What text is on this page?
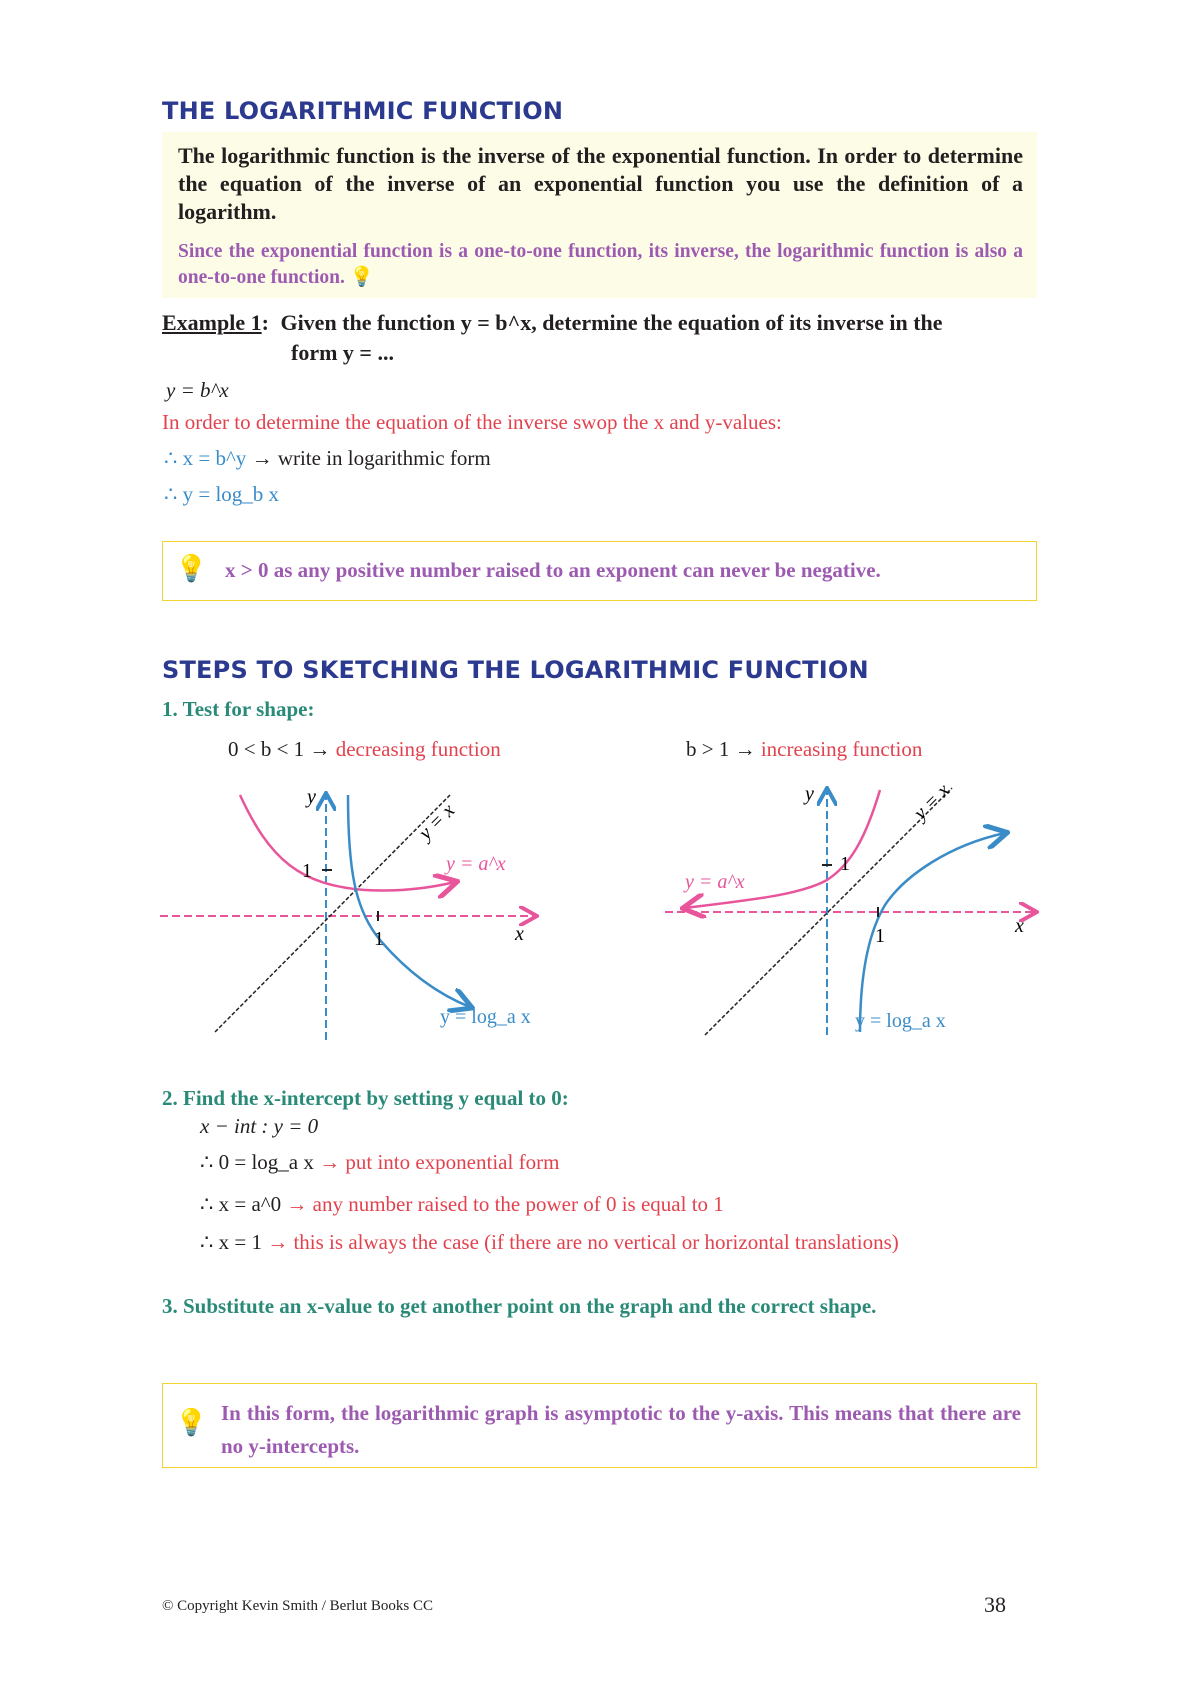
THE LOGARITHMIC FUNCTION
The logarithmic function is the inverse of the exponential function. In order to determine the equation of the inverse of an exponential function you use the definition of a logarithm.
Since the exponential function is a one-to-one function, its inverse, the logarithmic function is also a one-to-one function. 💡
Example 1: Given the function y = b^x, determine the equation of its inverse in the
form y = ...
y = b^x
In order to determine the equation of the inverse swop the x and y-values:
∴ x = b^y → write in logarithmic form
∴ y = log_b x
💡 x > 0 as any positive number raised to an exponent can never be negative.
STEPS TO SKETCHING THE LOGARITHMIC FUNCTION
1. Test for shape:
0 < b < 1 → decreasing function	b > 1 → increasing function
y
x
1
1
y = a^x
y = log_a x
y = x
y
x
1
1
y = a^x
y = log_a x
y = x
2. Find the x-intercept by setting y equal to 0:
x − int : y = 0
∴ 0 = log_a x → put into exponential form
∴ x = a^0 → any number raised to the power of 0 is equal to 1
∴ x = 1 → this is always the case (if there are no vertical or horizontal translations)
3. Substitute an x-value to get another point on the graph and the correct shape.
💡 In this form, the logarithmic graph is asymptotic to the y-axis. This means that there are no y-intercepts.
© Copyright Kevin Smith / Berlut Books CC	38
